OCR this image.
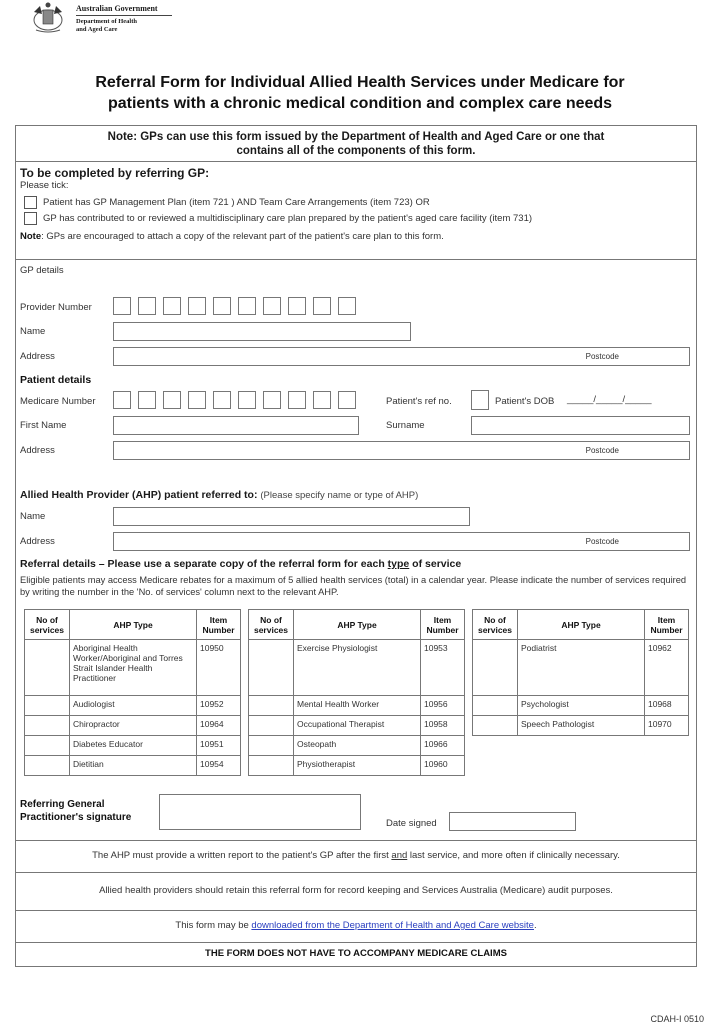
Australian Government
Department of Health
and Aged Care
Referral Form for Individual Allied Health Services under Medicare for
patients with a chronic medical condition and complex care needs
Note: GPs can use this form issued by the Department of Health and Aged Care or one that
contains all of the components of this form.
To be completed by referring GP:
Please tick:
Patient has GP Management Plan (item 721 ) AND Team Care Arrangements (item 723) OR
GP has contributed to or reviewed a multidisciplinary care plan prepared by the patient's aged care facility (item 731)
Note: GPs are encouraged to attach a copy of the relevant part of the patient's care plan to this form.
GP details
Provider Number
Name
Address	Postcode
Patient details
Medicare Number	Patient's ref no.	Patient's DOB _____/_____/_____
First Name	Surname
Address	Postcode
Allied Health Provider (AHP) patient referred to: (Please specify name or type of AHP)
Name
Address	Postcode
Referral details – Please use a separate copy of the referral form for each type of service
Eligible patients may access Medicare rebates for a maximum of 5 allied health services (total) in a calendar year. Please indicate the number of services required by writing the number in the 'No. of services' column next to the relevant AHP.
No of services	AHP Type	Item Number
	Aboriginal Health Worker/Aboriginal and Torres Strait Islander Health Practitioner	10950
	Audiologist	10952
	Chiropractor	10964
	Diabetes Educator	10951
	Dietitian	10954
No of services	AHP Type	Item Number
	Exercise Physiologist	10953
	Mental Health Worker	10956
	Occupational Therapist	10958
	Osteopath	10966
	Physiotherapist	10960
No of services	AHP Type	Item Number
	Podiatrist	10962
	Psychologist	10968
	Speech Pathologist	10970
Referring General
Practitioner's signature
Date signed
The AHP must provide a written report to the patient's GP after the first and last service, and more often if clinically necessary.
Allied health providers should retain this referral form for record keeping and Services Australia (Medicare) audit purposes.
This form may be downloaded from the Department of Health and Aged Care website.
THE FORM DOES NOT HAVE TO ACCOMPANY MEDICARE CLAIMS
CDAH-I 0510
